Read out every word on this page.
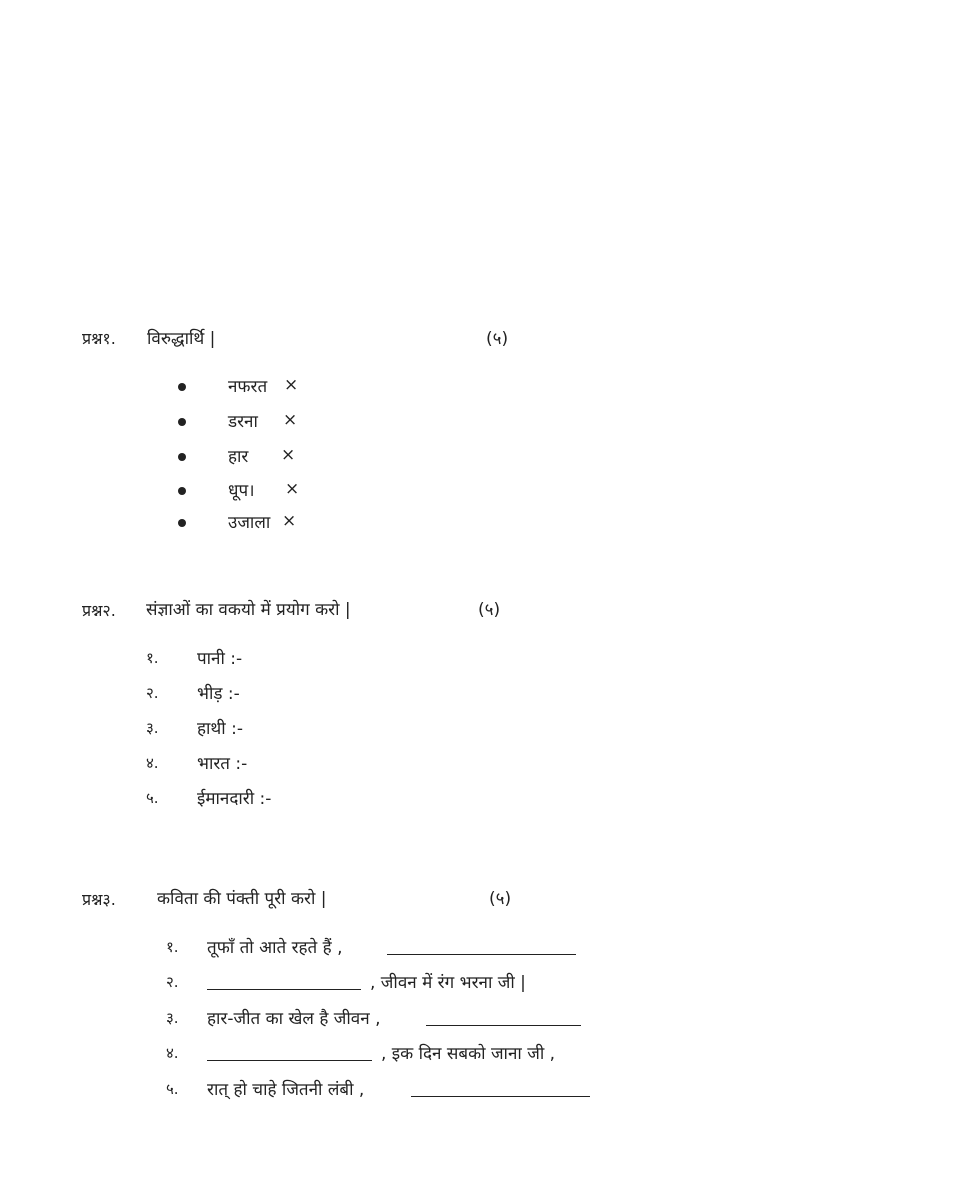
प्रश्न१. विरुद्धार्थि |	(५)
नफरत ×
डरना ×
हार ×
धूप। ×
उजाला ×
प्रश्न२. संज्ञाओं का वकयो में प्रयोग करो |	(५)
१. पानी :-
२. भीड़ :-
३. हाथी :-
४. भारत :-
५. ईमानदारी :-
प्रश्न३. कविता की पंक्ती पूरी करो |	(५)
१. तूफाँ तो आते रहते हैं ,
२.	, जीवन में रंग भरना जी |
३. हार-जीत का खेल है जीवन ,
४.	, इक दिन सबको जाना जी ,
५. रात् हो चाहे जितनी लंबी ,
